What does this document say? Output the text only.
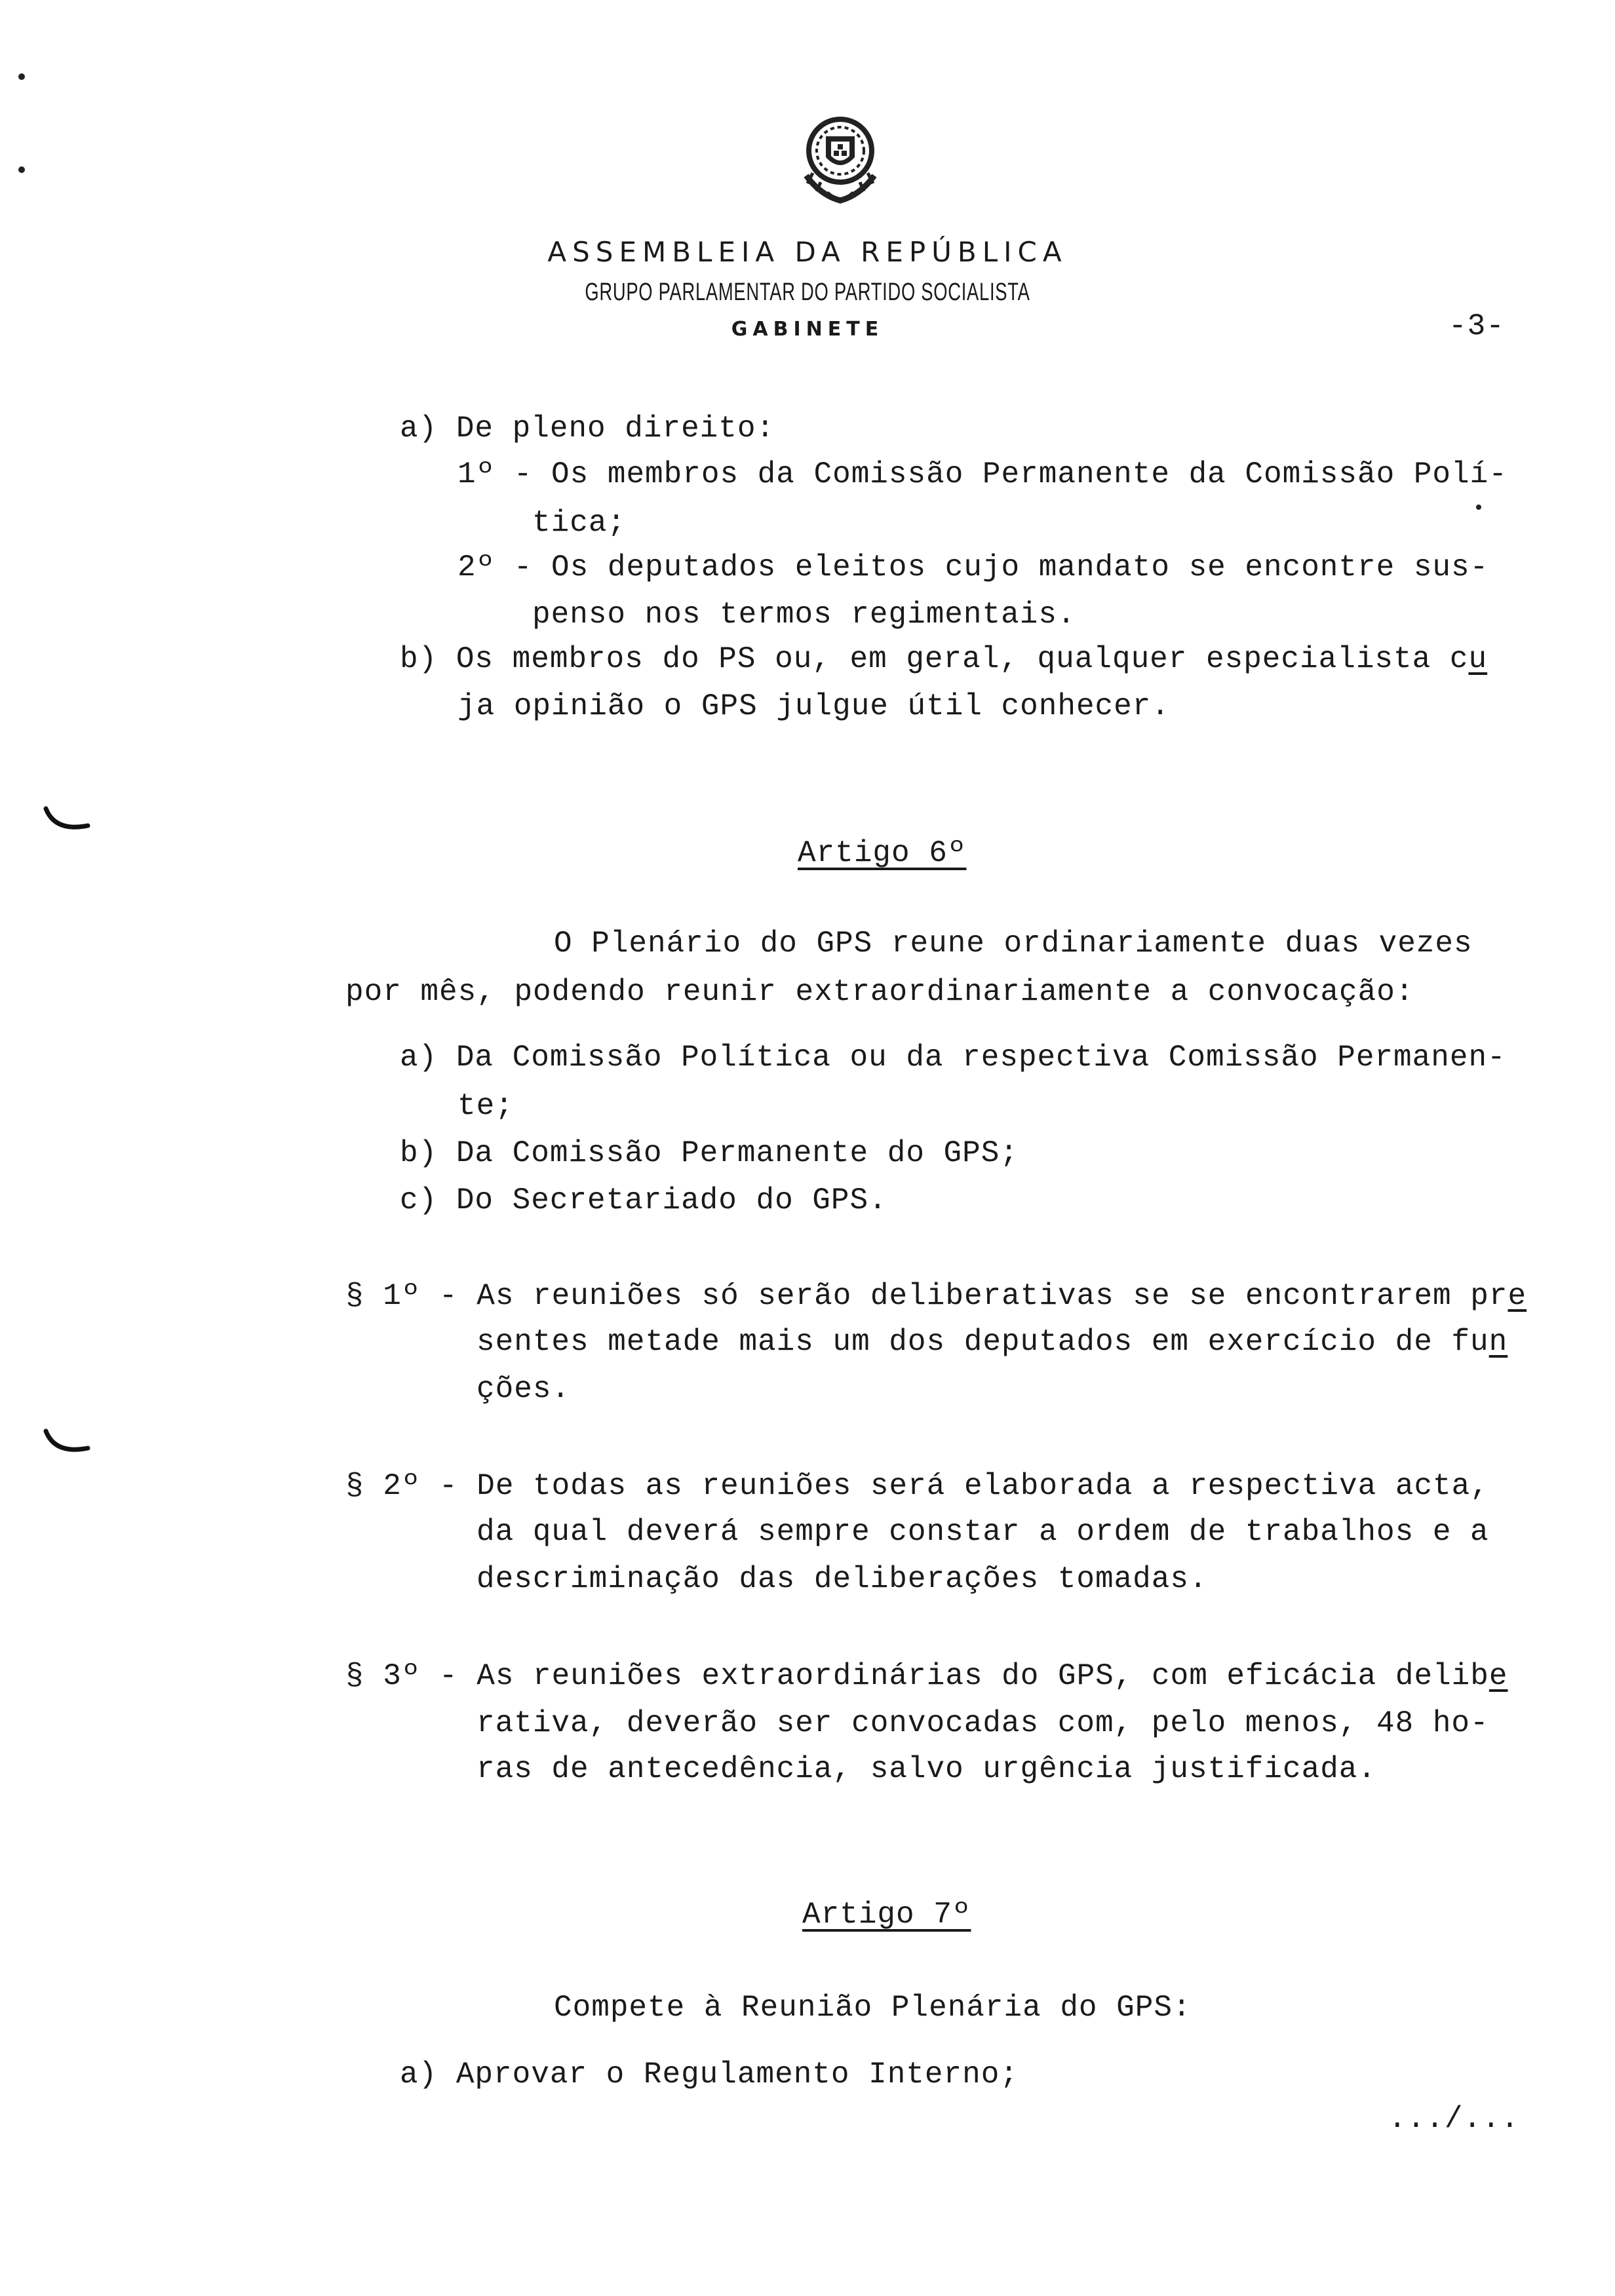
ASSEMBLEIA DA REPÚBLICA
GRUPO PARLAMENTAR DO PARTIDO SOCIALISTA
GABINETE	-3-
a) De pleno direito:
1º - Os membros da Comissão Permanente da Comissão Polí-
tica;
2º - Os deputados eleitos cujo mandato se encontre sus-
penso nos termos regimentais.
b) Os membros do PS ou, em geral, qualquer especialista cu
ja opinião o GPS julgue útil conhecer.
Artigo 6º
O Plenário do GPS reune ordinariamente duas vezes
por mês, podendo reunir extraordinariamente a convocação:
a) Da Comissão Política ou da respectiva Comissão Permanen-
te;
b) Da Comissão Permanente do GPS;
c) Do Secretariado do GPS.
§ 1º - As reuniões só serão deliberativas se se encontrarem pre
sentes metade mais um dos deputados em exercício de fun
ções.
§ 2º - De todas as reuniões será elaborada a respectiva acta,
da qual deverá sempre constar a ordem de trabalhos e a
descriminação das deliberações tomadas.
§ 3º - As reuniões extraordinárias do GPS, com eficácia delibe
rativa, deverão ser convocadas com, pelo menos, 48 ho-
ras de antecedência, salvo urgência justificada.
Artigo 7º
Compete à Reunião Plenária do GPS:
a) Aprovar o Regulamento Interno;
.../...
